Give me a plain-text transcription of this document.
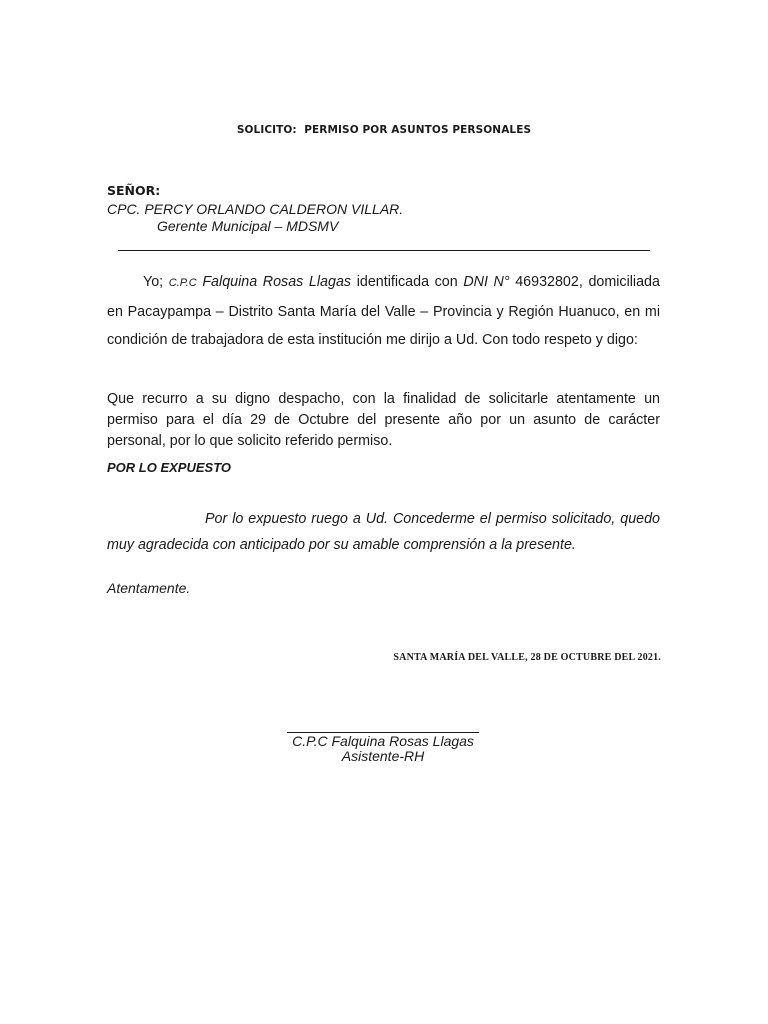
SOLICITO:  PERMISO POR ASUNTOS PERSONALES
SEÑOR:
CPC. PERCY ORLANDO CALDERON VILLAR.
Gerente Municipal – MDSMV
Yo; C.P.C Falquina Rosas Llagas identificada con DNI N° 46932802, domiciliada en Pacaypampa – Distrito Santa María del Valle – Provincia y Región Huanuco, en mi condición de trabajadora de esta institución me dirijo a Ud. Con todo respeto y digo:
Que recurro a su digno despacho, con la finalidad de solicitarle atentamente un permiso para el día 29 de Octubre del presente año por un asunto de carácter personal, por lo que solicito referido permiso.
POR LO EXPUESTO
Por lo expuesto ruego a Ud. Concederme el permiso solicitado, quedo muy agradecida con anticipado por su amable comprensión a la presente.
Atentamente.
SANTA MARÍA DEL VALLE, 28 DE OCTUBRE DEL 2021.
C.P.C Falquina Rosas Llagas
Asistente-RH
